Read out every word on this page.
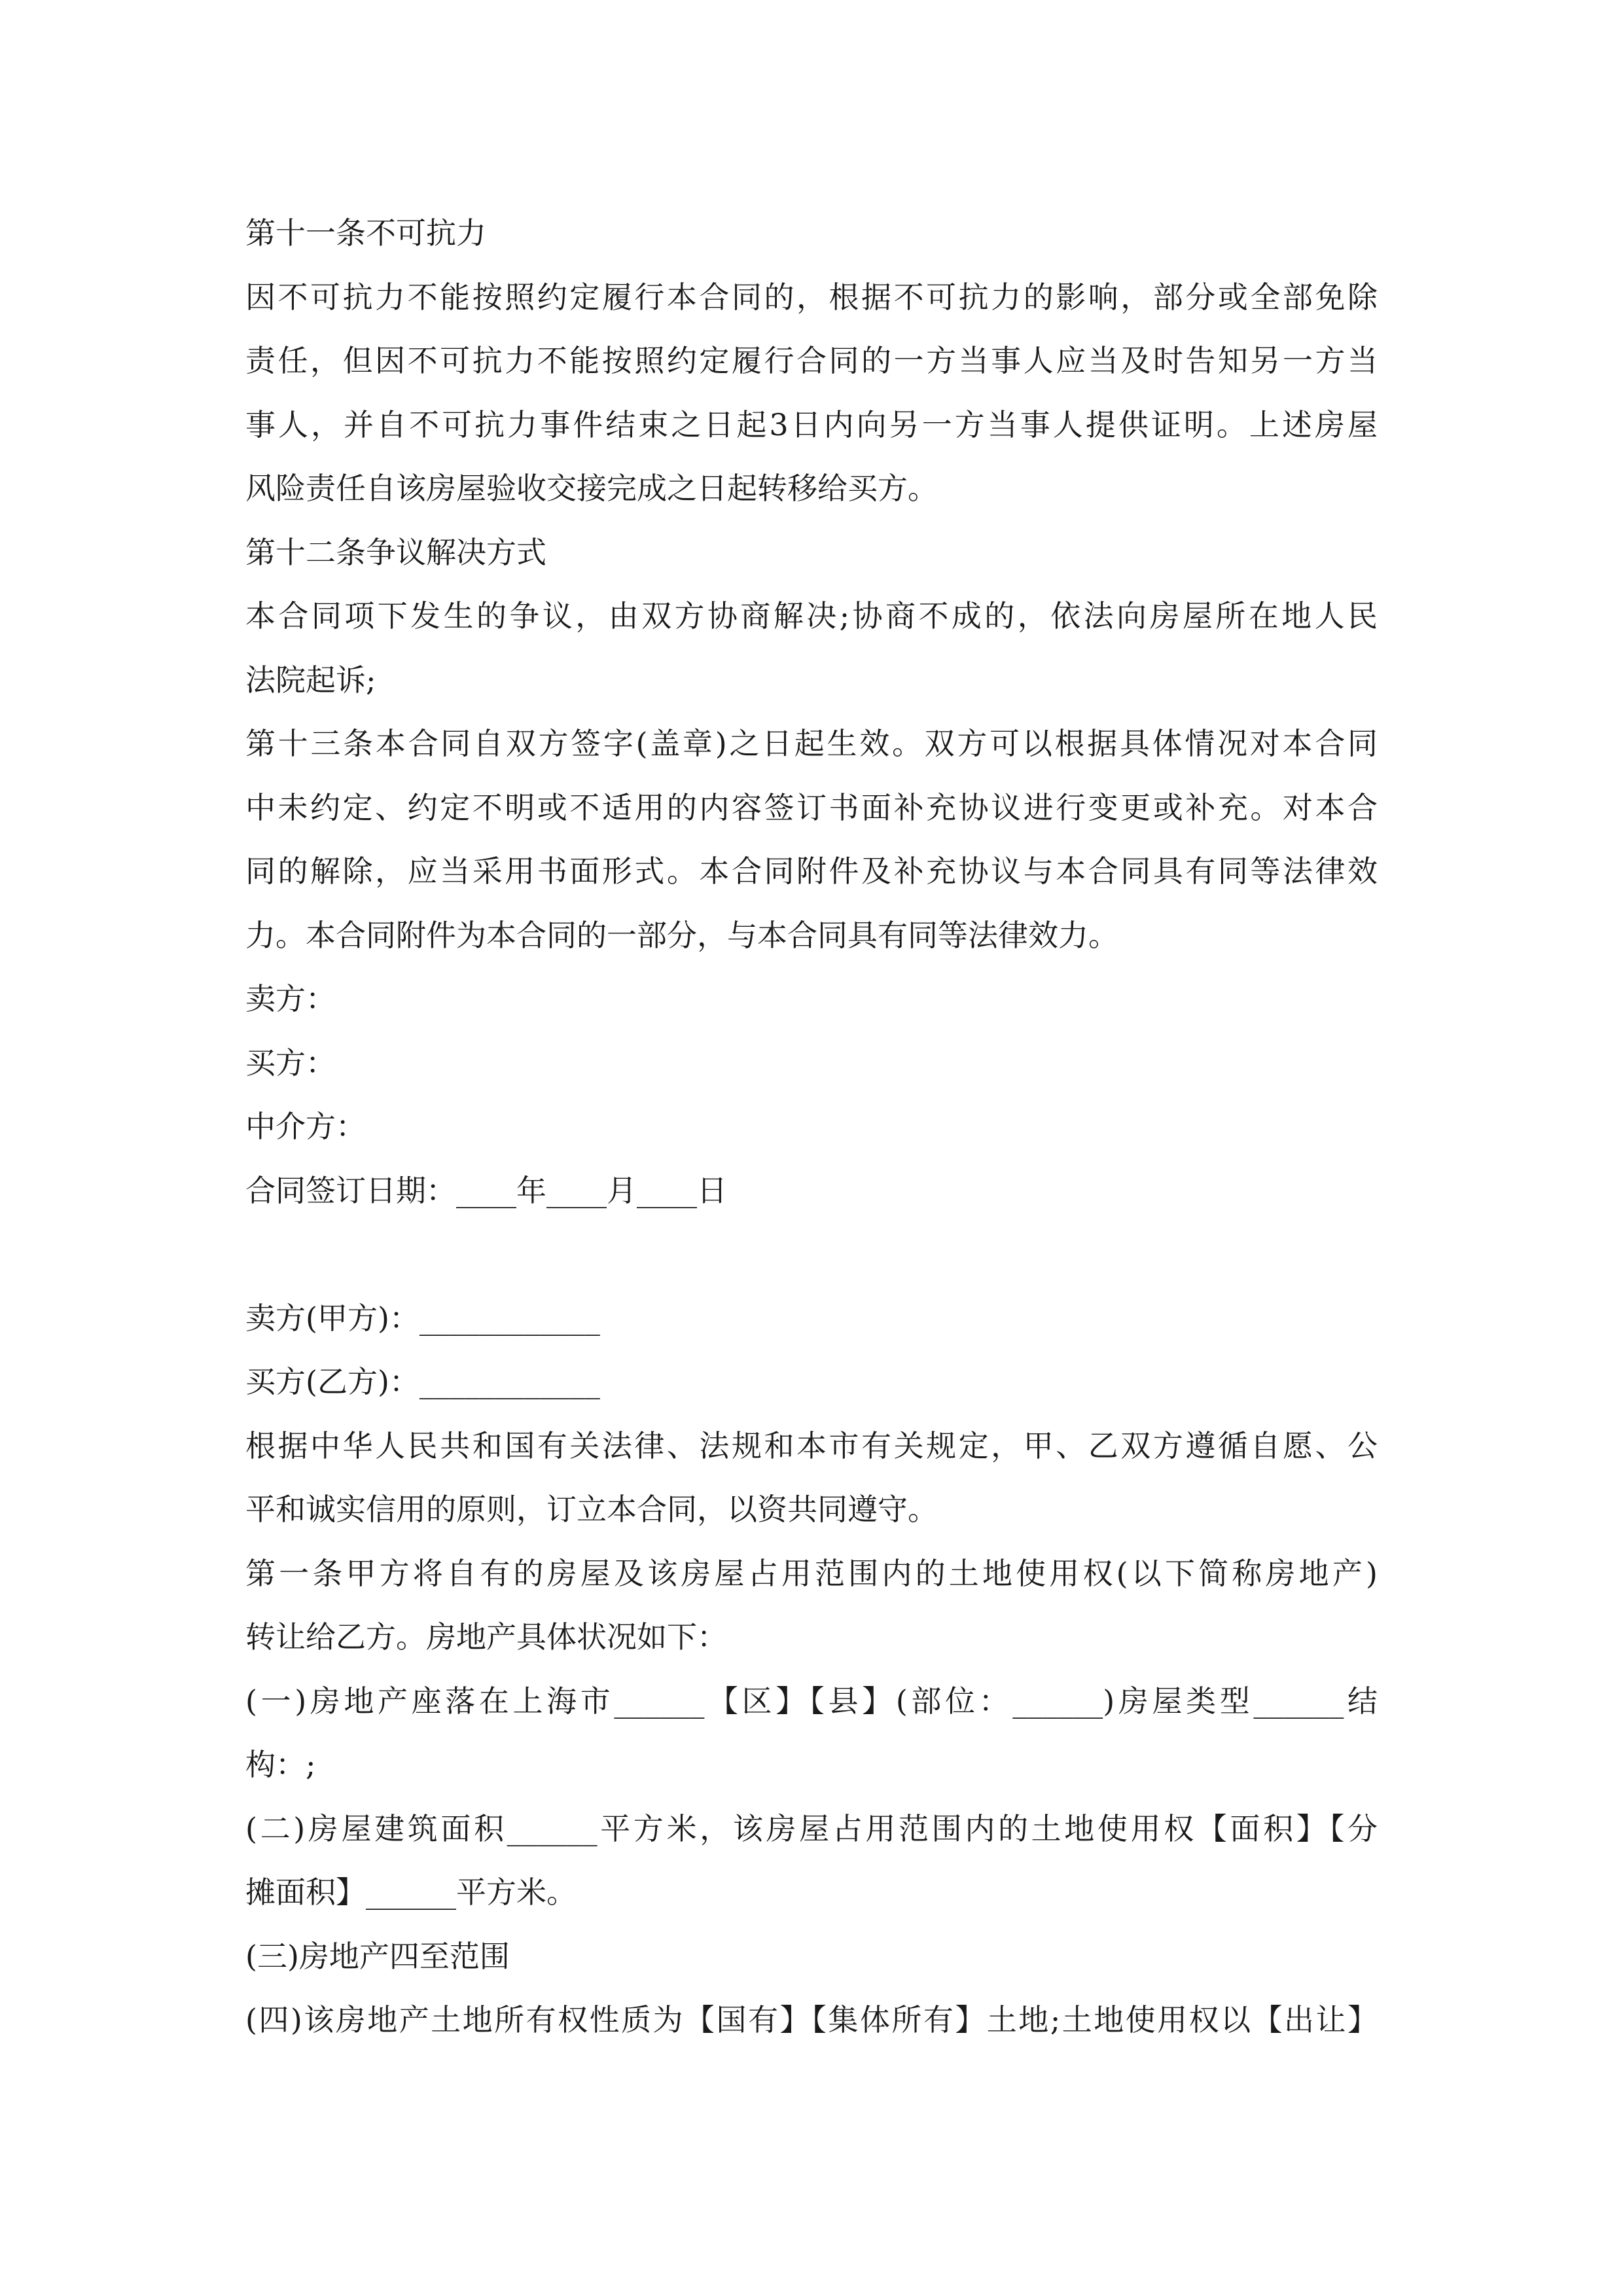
第十一条不可抗力
因不可抗力不能按照约定履行本合同的，根据不可抗力的影响，部分或全部免除
责任，但因不可抗力不能按照约定履行合同的一方当事人应当及时告知另一方当
事人，并自不可抗力事件结束之日起3日内向另一方当事人提供证明。上述房屋
风险责任自该房屋验收交接完成之日起转移给买方。
第十二条争议解决方式
本合同项下发生的争议，由双方协商解决;协商不成的，依法向房屋所在地人民
法院起诉;
第十三条本合同自双方签字(盖章)之日起生效。双方可以根据具体情况对本合同
中未约定、约定不明或不适用的内容签订书面补充协议进行变更或补充。对本合
同的解除，应当采用书面形式。本合同附件及补充协议与本合同具有同等法律效
力。本合同附件为本合同的一部分，与本合同具有同等法律效力。
卖方：
买方：
中介方：
合同签订日期：____年____月____日
卖方(甲方)：____________
买方(乙方)：____________
根据中华人民共和国有关法律、法规和本市有关规定，甲、乙双方遵循自愿、公
平和诚实信用的原则，订立本合同，以资共同遵守。
第一条甲方将自有的房屋及该房屋占用范围内的土地使用权(以下简称房地产)
转让给乙方。房地产具体状况如下：
(一)房地产座落在上海市______【区】【县】(部位：______)房屋类型______结
构：;
(二)房屋建筑面积______平方米，该房屋占用范围内的土地使用权【面积】【分
摊面积】______平方米。
(三)房地产四至范围
(四)该房地产土地所有权性质为【国有】【集体所有】土地;土地使用权以【出让】
